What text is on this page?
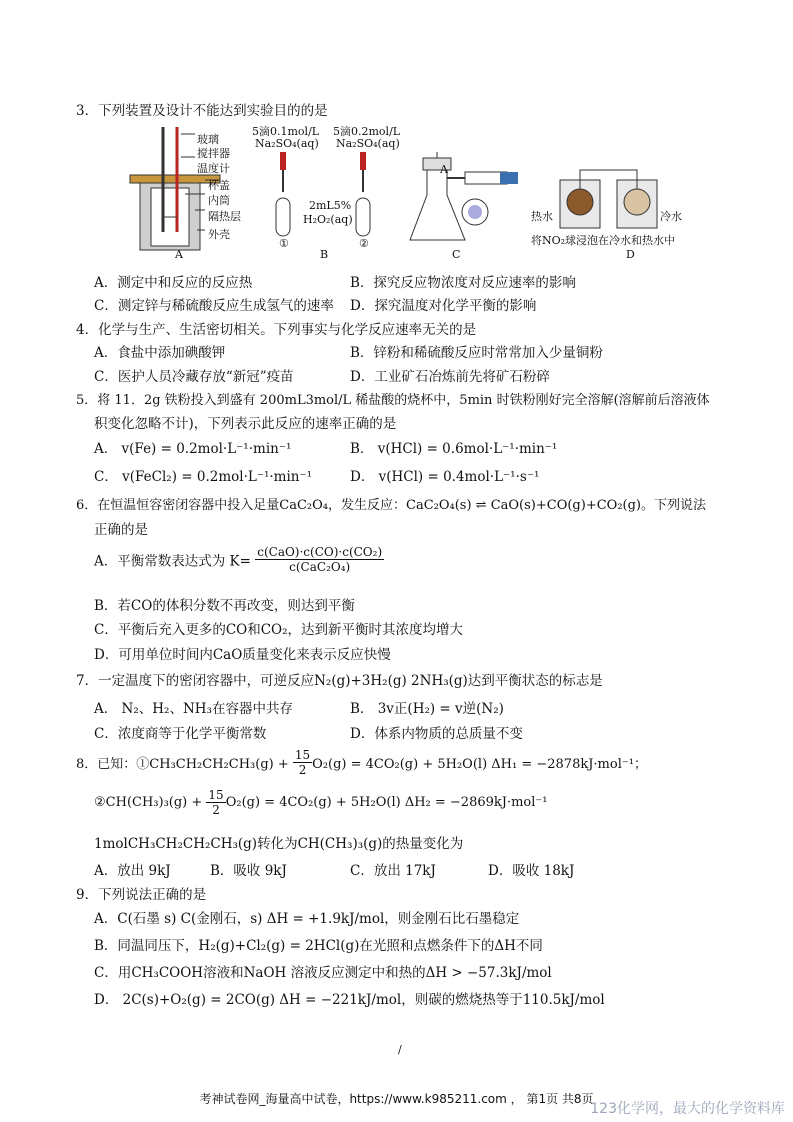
3．下列装置及设计不能达到实验目的的是
玻璃
搅拌器
温度计
杯盖
内筒
隔热层
外壳
A
5滴0.1mol/L
Na₂SO₄(aq)
5滴0.2mol/L
Na₂SO₄(aq)
2mL5%
H₂O₂(aq)
①	②
B
A
C
热水	冷水
将NO₂球浸泡在冷水和热水中
D
A．测定中和反应的反应热	B．探究反应物浓度对反应速率的影响
C．测定锌与稀硫酸反应生成氢气的速率 D．探究温度对化学平衡的影响
4．化学与生产、生活密切相关。下列事实与化学反应速率无关的是
A．食盐中添加碘酸钾	B．锌粉和稀硫酸反应时常常加入少量铜粉
C．医护人员冷藏存放“新冠”疫苗	D．工业矿石冶炼前先将矿石粉碎
5．将 11．2g 铁粉投入到盛有 200mL3mol/L 稀盐酸的烧杯中，5min 时铁粉刚好完全溶解(溶解前后溶液体
积变化忽略不计)，下列表示此反应的速率正确的是
A． v(Fe) = 0.2mol·L⁻¹·min⁻¹	B． v(HCl) = 0.6mol·L⁻¹·min⁻¹
C． v(FeCl₂) = 0.2mol·L⁻¹·min⁻¹	D． v(HCl) = 0.4mol·L⁻¹·s⁻¹
6．在恒温恒容密闭容器中投入足量CaC₂O₄，发生反应：CaC₂O₄(s) ⇌ CaO(s)+CO(g)+CO₂(g)。下列说法
正确的是
A．平衡常数表达式为 $K= \frac{\text{c(CaO)·c(CO)·c(CO₂)}}{\text{c(CaC₂O₄)}}$
B．若CO的体积分数不再改变，则达到平衡
C．平衡后充入更多的CO和CO₂，达到新平衡时其浓度均增大
D．可用单位时间内CaO质量变化来表示反应快慢
7．一定温度下的密闭容器中，可逆反应N₂(g)+3H₂(g) 2NH₃(g)达到平衡状态的标志是
A． N₂、H₂、NH₃在容器中共存	B． 3v正(H₂) = v逆(N₂)
C．浓度商等于化学平衡常数	D．体系内物质的总质量不变
8．已知：①CH₃CH₂CH₂CH₃(g) + $\frac{15}{2} O_2(g) = 4CO_2(g) + 5H_2O(l) \Delta H_1 = -2878kJ\cdot mol^{-1}$；
②CH(CH₃)₃(g) + $\frac{15}{2} O_2(g) = 4CO_2(g) + 5H_2O(l) \Delta H_2 = -2869kJ\cdot mol^{-1}$
1molCH₃CH₂CH₂CH₃(g)转化为CH(CH₃)₃(g)的热量变化为
A．放出 9kJ	B．吸收 9kJ	C．放出 17kJ	D．吸收 18kJ
9．下列说法正确的是
A．C(石墨 s) C(金刚石，s) ΔH = +1.9kJ/mol，则金刚石比石墨稳定
B．同温同压下，H₂(g)+Cl₂(g) = 2HCl(g)在光照和点燃条件下的ΔH不同
C．用CH₃COOH溶液和NaOH 溶液反应测定中和热的ΔH > −57.3kJ/mol
D． 2C(s)+O₂(g) = 2CO(g) ΔH = −221kJ/mol，则碳的燃烧热等于110.5kJ/mol
/
考神试卷网_海量高中试卷，https://www.k985211.com ， 第1页 共8页
123化学网，最大的化学资料库
